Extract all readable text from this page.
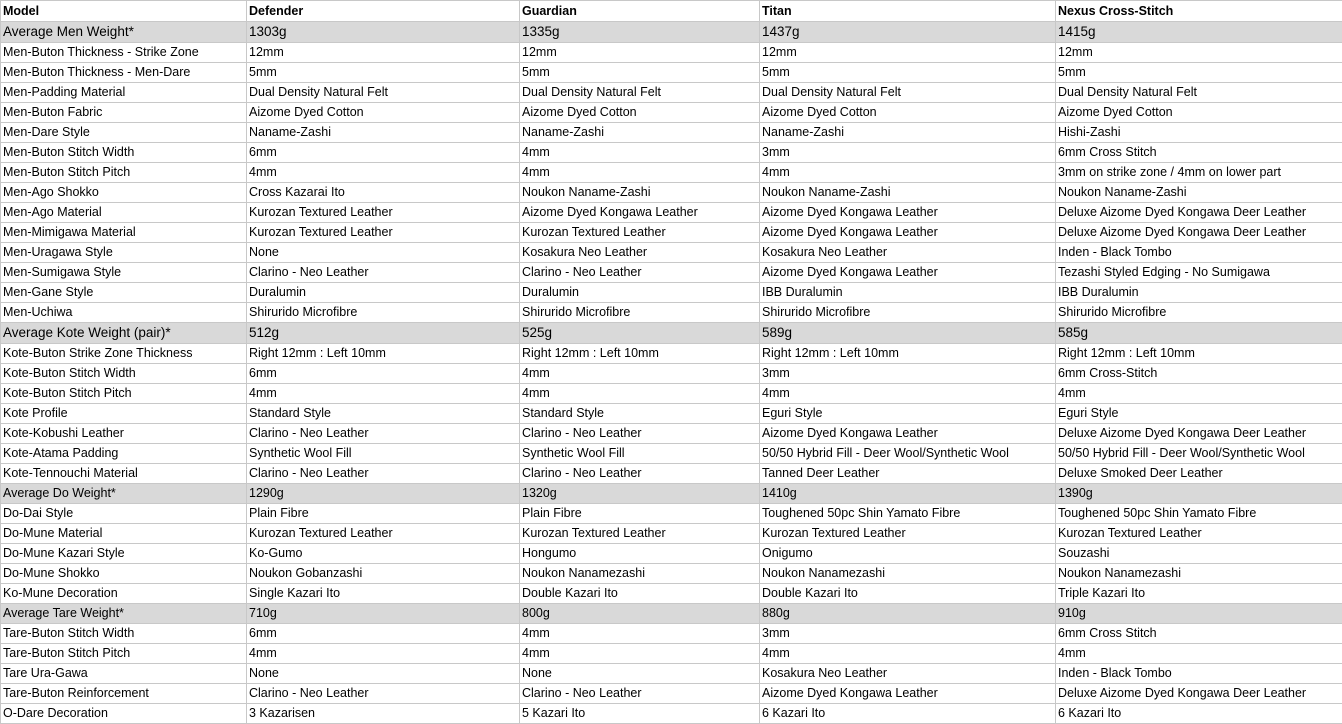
Model	Defender	Guardian	Titan	Nexus Cross-Stitch
Average Men Weight*	1303g	1335g	1437g	1415g
Men-Buton Thickness - Strike Zone	12mm	12mm	12mm	12mm
Men-Buton Thickness - Men-Dare	5mm	5mm	5mm	5mm
Men-Padding Material	Dual Density Natural Felt	Dual Density Natural Felt	Dual Density Natural Felt	Dual Density Natural Felt
Men-Buton Fabric	Aizome Dyed Cotton	Aizome Dyed Cotton	Aizome Dyed Cotton	Aizome Dyed Cotton
Men-Dare Style	Naname-Zashi	Naname-Zashi	Naname-Zashi	Hishi-Zashi
Men-Buton Stitch Width	6mm	4mm	3mm	6mm Cross Stitch
Men-Buton Stitch Pitch	4mm	4mm	4mm	3mm on strike zone / 4mm on lower part
Men-Ago Shokko	Cross Kazarai Ito	Noukon Naname-Zashi	Noukon Naname-Zashi	Noukon Naname-Zashi
Men-Ago Material	Kurozan Textured Leather	Aizome Dyed Kongawa Leather	Aizome Dyed Kongawa Leather	Deluxe Aizome Dyed Kongawa Deer Leather
Men-Mimigawa Material	Kurozan Textured Leather	Kurozan Textured Leather	Aizome Dyed Kongawa Leather	Deluxe Aizome Dyed Kongawa Deer Leather
Men-Uragawa Style	None	Kosakura Neo Leather	Kosakura Neo Leather	Inden - Black Tombo
Men-Sumigawa Style	Clarino - Neo Leather	Clarino - Neo Leather	Aizome Dyed Kongawa Leather	Tezashi Styled Edging - No Sumigawa
Men-Gane Style	Duralumin	Duralumin	IBB Duralumin	IBB Duralumin
Men-Uchiwa	Shirurido Microfibre	Shirurido Microfibre	Shirurido Microfibre	Shirurido Microfibre
Average Kote Weight (pair)*	512g	525g	589g	585g
Kote-Buton Strike Zone Thickness	Right 12mm : Left 10mm	Right 12mm : Left 10mm	Right 12mm : Left 10mm	Right 12mm : Left 10mm
Kote-Buton Stitch Width	6mm	4mm	3mm	6mm Cross-Stitch
Kote-Buton Stitch Pitch	4mm	4mm	4mm	4mm
Kote Profile	Standard Style	Standard Style	Eguri Style	Eguri Style
Kote-Kobushi Leather	Clarino - Neo Leather	Clarino - Neo Leather	Aizome Dyed Kongawa Leather	Deluxe Aizome Dyed Kongawa Deer Leather
Kote-Atama Padding	Synthetic Wool Fill	Synthetic Wool Fill	50/50 Hybrid Fill - Deer Wool/Synthetic Wool	50/50 Hybrid Fill - Deer Wool/Synthetic Wool
Kote-Tennouchi Material	Clarino - Neo Leather	Clarino - Neo Leather	Tanned Deer Leather	Deluxe Smoked Deer Leather
Average Do Weight*	1290g	1320g	1410g	1390g
Do-Dai Style	Plain Fibre	Plain Fibre	Toughened 50pc Shin Yamato Fibre	Toughened 50pc Shin Yamato Fibre
Do-Mune Material	Kurozan Textured Leather	Kurozan Textured Leather	Kurozan Textured Leather	Kurozan Textured Leather
Do-Mune Kazari Style	Ko-Gumo	Hongumo	Onigumo	Souzashi
Do-Mune Shokko	Noukon Gobanzashi	Noukon Nanamezashi	Noukon Nanamezashi	Noukon Nanamezashi
Ko-Mune Decoration	Single Kazari Ito	Double Kazari Ito	Double Kazari Ito	Triple Kazari Ito
Average Tare Weight*	710g	800g	880g	910g
Tare-Buton Stitch Width	6mm	4mm	3mm	6mm Cross Stitch
Tare-Buton Stitch Pitch	4mm	4mm	4mm	4mm
Tare Ura-Gawa	None	None	Kosakura Neo Leather	Inden - Black Tombo
Tare-Buton Reinforcement	Clarino - Neo Leather	Clarino - Neo Leather	Aizome Dyed Kongawa Leather	Deluxe Aizome Dyed Kongawa Deer Leather
O-Dare Decoration	3 Kazarisen	5 Kazari Ito	6 Kazari Ito	6 Kazari Ito
